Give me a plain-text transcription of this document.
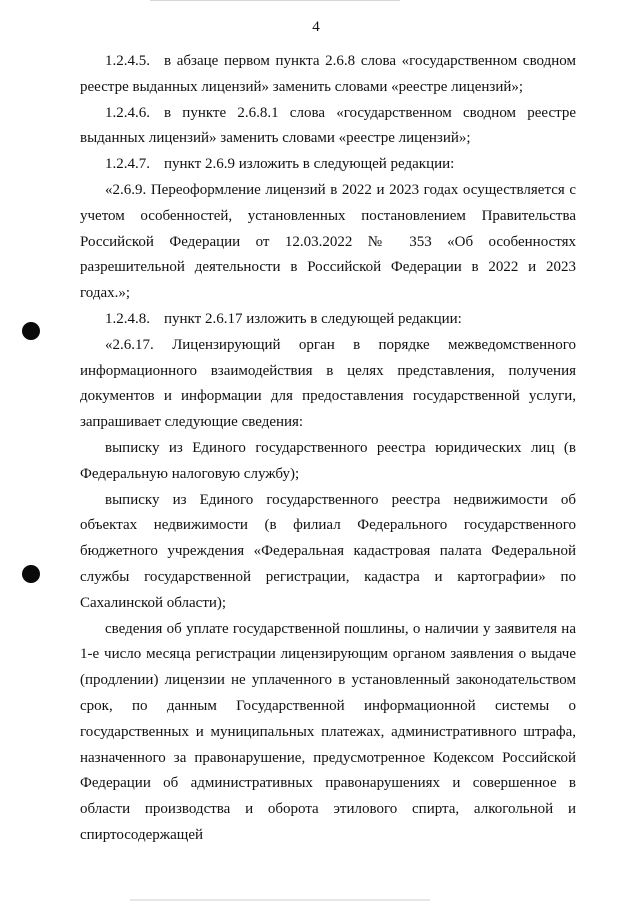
4

1.2.4.5. в абзаце первом пункта 2.6.8 слова «государственном сводном реестре выданных лицензий» заменить словами «реестре лицензий»;

1.2.4.6. в пункте 2.6.8.1 слова «государственном сводном реестре выданных лицензий» заменить словами «реестре лицензий»;

1.2.4.7. пункт 2.6.9 изложить в следующей редакции:

«2.6.9. Переоформление лицензий в 2022 и 2023 годах осуществляется с учетом особенностей, установленных постановлением Правительства Российской Федерации от 12.03.2022 № 353 «Об особенностях разрешительной деятельности в Российской Федерации в 2022 и 2023 годах.»;

1.2.4.8. пункт 2.6.17 изложить в следующей редакции:

«2.6.17. Лицензирующий орган в порядке межведомственного информационного взаимодействия в целях представления, получения документов и информации для предоставления государственной услуги, запрашивает следующие сведения:

выписку из Единого государственного реестра юридических лиц (в Федеральную налоговую службу);

выписку из Единого государственного реестра недвижимости об объектах недвижимости (в филиал Федерального государственного бюджетного учреждения «Федеральная кадастровая палата Федеральной службы государственной регистрации, кадастра и картографии» по Сахалинской области);

сведения об уплате государственной пошлины, о наличии у заявителя на 1-е число месяца регистрации лицензирующим органом заявления о выдаче (продлении) лицензии не уплаченного в установленный законодательством срок, по данным Государственной информационной системы о государственных и муниципальных платежах, административного штрафа, назначенного за правонарушение, предусмотренное Кодексом Российской Федерации об административных правонарушениях и совершенное в области производства и оборота этилового спирта, алкогольной и спиртосодержащей
